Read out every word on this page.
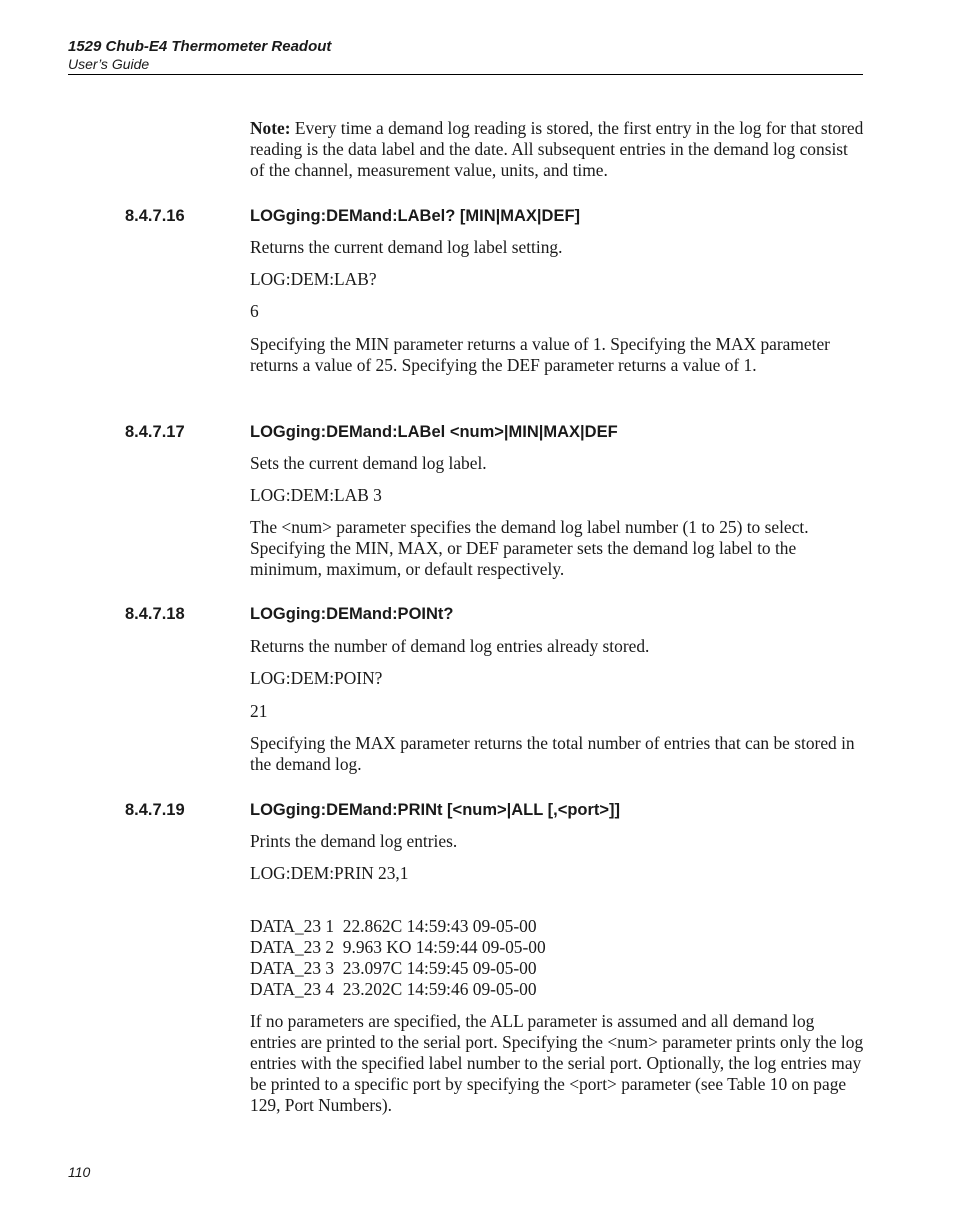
1529 Chub-E4 Thermometer Readout
User’s Guide

Note: Every time a demand log reading is stored, the first entry in the log for that stored reading is the data label and the date. All subsequent entries in the demand log consist of the channel, measurement value, units, and time.

8.4.7.16	LOGging:DEMand:LABel? [MIN|MAX|DEF]

Returns the current demand log label setting.

LOG:DEM:LAB?

6

Specifying the MIN parameter returns a value of 1. Specifying the MAX parameter returns a value of 25. Specifying the DEF parameter returns a value of 1.

8.4.7.17	LOGging:DEMand:LABel <num>|MIN|MAX|DEF

Sets the current demand log label.

LOG:DEM:LAB 3

The <num> parameter specifies the demand log label number (1 to 25) to select. Specifying the MIN, MAX, or DEF parameter sets the demand log label to the minimum, maximum, or default respectively.

8.4.7.18	LOGging:DEMand:POINt?

Returns the number of demand log entries already stored.

LOG:DEM:POIN?

21

Specifying the MAX parameter returns the total number of entries that can be stored in the demand log.

8.4.7.19	LOGging:DEMand:PRINt [<num>|ALL [,<port>]]

Prints the demand log entries.

LOG:DEM:PRIN 23,1

DATA_23 1  22.862C 14:59:43 09-05-00
DATA_23 2  9.963 KO 14:59:44 09-05-00
DATA_23 3  23.097C 14:59:45 09-05-00
DATA_23 4  23.202C 14:59:46 09-05-00

If no parameters are specified, the ALL parameter is assumed and all demand log entries are printed to the serial port. Specifying the <num> parameter prints only the log entries with the specified label number to the serial port. Optionally, the log entries may be printed to a specific port by specifying the <port> parameter (see Table 10 on page 129, Port Numbers).

110
